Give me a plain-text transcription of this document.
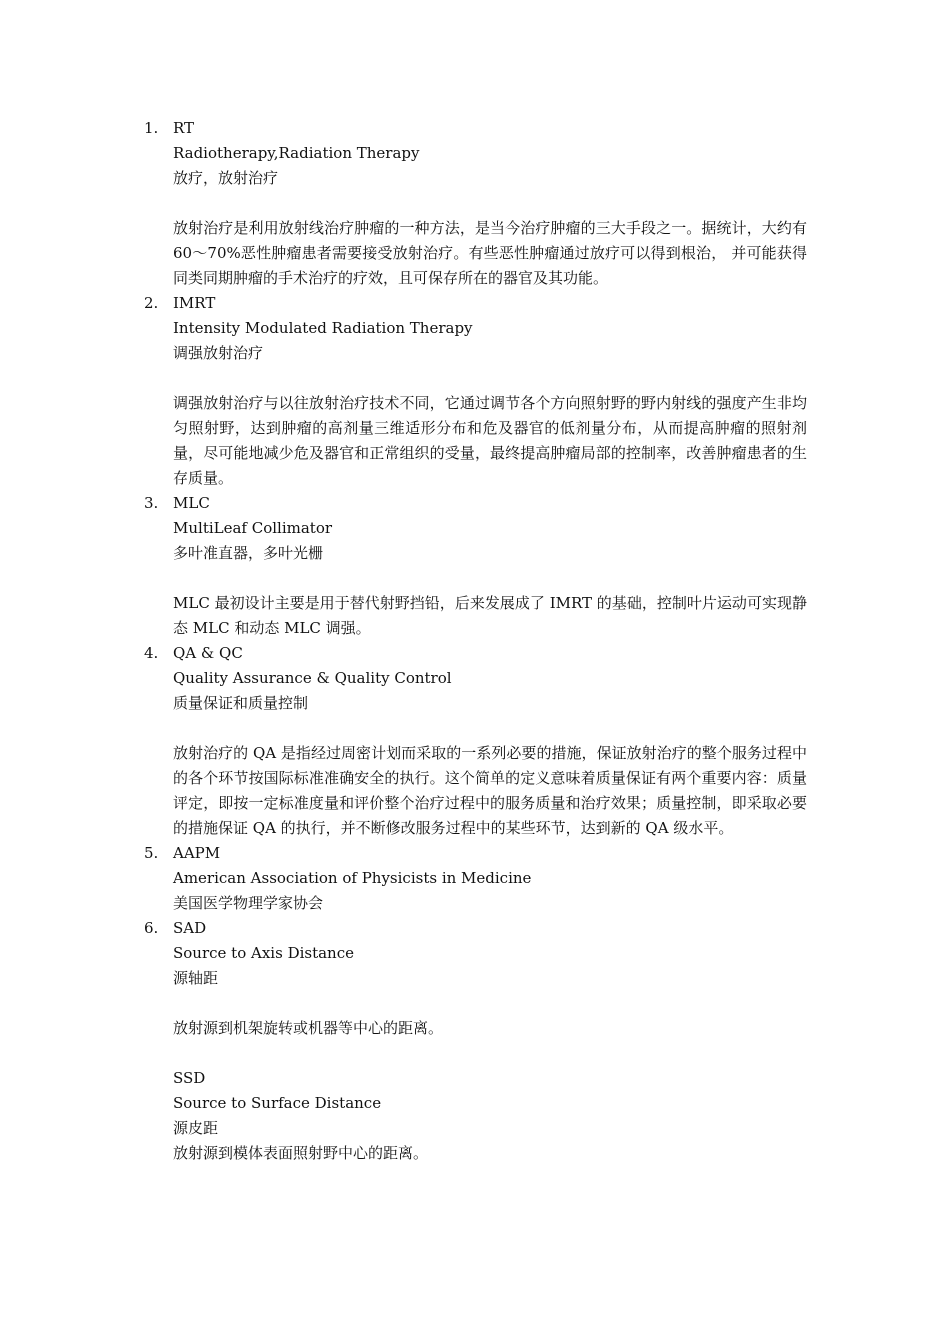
1. RT

Radiotherapy,Radiation Therapy

放疗，放射治疗

放射治疗是利用放射线治疗肿瘤的一种方法，是当今治疗肿瘤的三大手段之一。据统计，大约有 60～70%恶性肿瘤患者需要接受放射治疗。有些恶性肿瘤通过放疗可以得到根治， 并可能获得同类同期肿瘤的手术治疗的疗效，且可保存所在的器官及其功能。

2. IMRT

Intensity Modulated Radiation Therapy

调强放射治疗

调强放射治疗与以往放射治疗技术不同，它通过调节各个方向照射野的野内射线的强度产生非均匀照射野，达到肿瘤的高剂量三维适形分布和危及器官的低剂量分布，从而提高肿瘤的照射剂量，尽可能地减少危及器官和正常组织的受量，最终提高肿瘤局部的控制率，改善肿瘤患者的生存质量。

3. MLC

MultiLeaf Collimator

多叶准直器，多叶光栅

MLC 最初设计主要是用于替代射野挡铅，后来发展成了 IMRT 的基础，控制叶片运动可实现静态 MLC 和动态 MLC 调强。

4. QA & QC

Quality Assurance & Quality Control

质量保证和质量控制

放射治疗的 QA 是指经过周密计划而采取的一系列必要的措施，保证放射治疗的整个服务过程中的各个环节按国际标准准确安全的执行。这个简单的定义意味着质量保证有两个重要内容：质量评定，即按一定标准度量和评价整个治疗过程中的服务质量和治疗效果；质量控制，即采取必要的措施保证 QA 的执行，并不断修改服务过程中的某些环节，达到新的 QA 级水平。

5. AAPM

American Association of Physicists in Medicine

美国医学物理学家协会

6. SAD

Source to Axis Distance

源轴距

放射源到机架旋转或机器等中心的距离。

SSD

Source to Surface Distance

源皮距

放射源到模体表面照射野中心的距离。
